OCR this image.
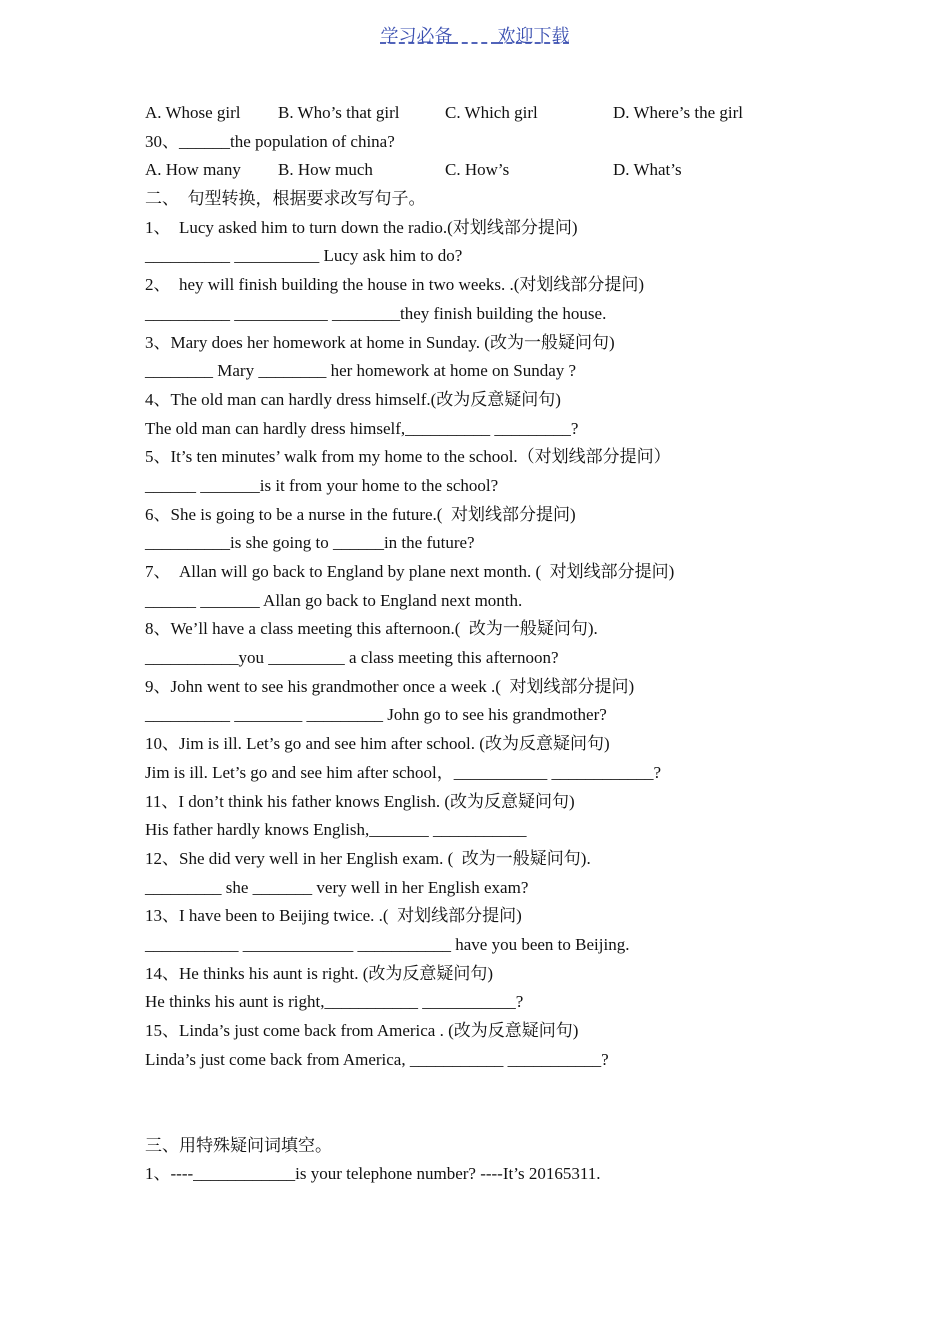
学习必备	欢迎下载

A. Whose girl

B. Who’s that girl

	C. Which girl

	D. Where’s the girl

30、______the population of china?

A. How many

B. How much

	C. How’s

	D. What’s

二、  句型转换，根据要求改写句子。
1、  Lucy asked him to turn down the radio.(对划线部分提问)
__________ __________ Lucy ask him to do?
2、  hey will finish building the house in two weeks. .(对划线部分提问)
__________ ___________ ________they finish building the house.
3、Mary does her homework at home in Sunday. (改为一般疑问句)
________ Mary ________ her homework at home on Sunday ?
4、The old man can hardly dress himself.(改为反意疑问句)
The old man can hardly dress himself,__________ _________?
5、It’s ten minutes’ walk from my home to the school.（对划线部分提问）
______ _______is it from your home to the school?
6、She is going to be a nurse in the future.(  对划线部分提问)
__________is she going to ______in the future?
7、  Allan will go back to England by plane next month. (  对划线部分提问)
______ _______ Allan go back to England next month.
8、We’ll have a class meeting this afternoon.(  改为一般疑问句).
___________you _________ a class meeting this afternoon?
9、John went to see his grandmother once a week .(  对划线部分提问)
__________ ________ _________ John go to see his grandmother?
10、Jim is ill. Let’s go and see him after school. (改为反意疑问句)
Jim is ill. Let’s go and see him after school，___________ ____________?
11、I don’t think his father knows English. (改为反意疑问句)
His father hardly knows English,_______ ___________
12、She did very well in her English exam. (  改为一般疑问句).
_________ she _______ very well in her English exam?
13、I have been to Beijing twice. .(  对划线部分提问)
___________ _____________ ___________ have you been to Beijing.
14、He thinks his aunt is right. (改为反意疑问句)
He thinks his aunt is right,___________ ___________?
15、Linda’s just come back from America . (改为反意疑问句)
Linda’s just come back from America, ___________ ___________?
三、用特殊疑问词填空。
1、----____________is your telephone number? ----It’s 20165311.
